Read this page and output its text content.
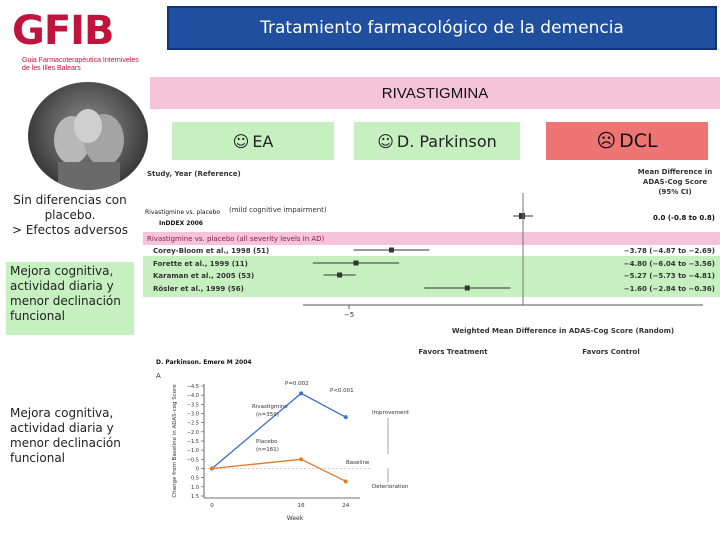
GFIB
Guia Farmacoterapèutica Interniveles de les Illes Balears
Tratamiento farmacológico de la demencia
RIVASTIGMINA
☺ EA	☺ D. Parkinson	☹ DCL
Sin diferencias con placebo.
> Efectos adversos
Mejora cognitiva, actividad diaria y menor declinación funcional
Mejora cognitiva, actividad diaria y menor declinación funcional
Study, Year (Reference)	Mean Difference in
ADAS-Cog Score
(95% CI)
Rivastigmine vs. placebo (mild cognitive impairment)
InDDEX 2006
0.0 (-0.8 to 0.8)
Rivastigmine vs. placebo (all severity levels in AD)
Corey-Bloom et al., 1998 (51)	−3.78 (−4.87 to −2.69)
Forette et al., 1999 (11)	−4.80 (−6.04 to −3.56)
Karaman et al., 2005 (53)	−5.27 (−5.73 to −4.81)
Rösler et al., 1999 (56)	−1.60 (−2.84 to −0.36)
−5
Weighted Mean Difference in ADAS-Cog Score (Random)
Favors Treatment	Favors Control
D. Parkinson. Emere M 2004
A
Change from Baseline in ADAS-cog Score −4.5
−4.0
−3.5
−3.0
−2.5
−2.0
−1.5
−1.0
−0.5
0
0.5
1.0
1.5
0	16	24
Week
Rivastigmine
(n=359)
Placebo
(n=161)
P=0.002
P<0.001
Improvement
Baseline
Deterioration
